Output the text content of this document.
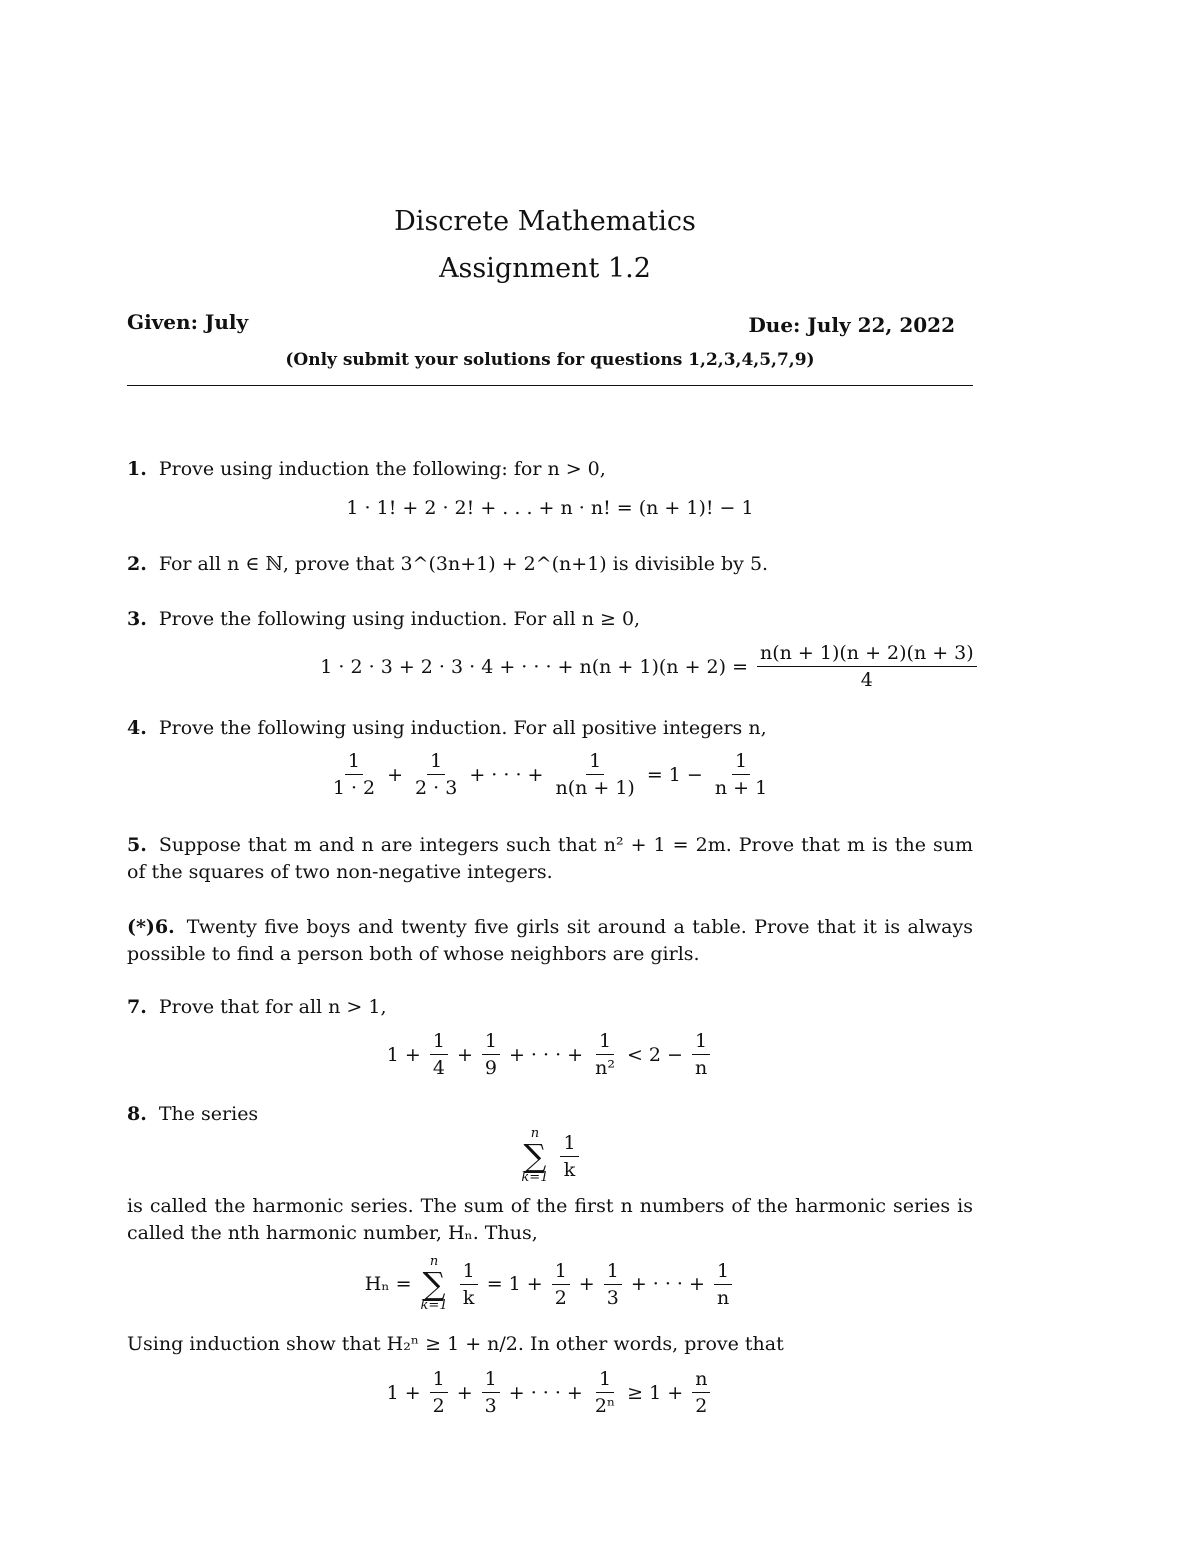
Discrete Mathematics
Assignment 1.2
Given: July	Due: July 22, 2022
(Only submit your solutions for questions 1,2,3,4,5,7,9)
1. Prove using induction the following: for n > 0,
1 · 1! + 2 · 2! + . . . + n · n! = (n + 1)! − 1
2. For all n ∈ ℕ, prove that 3^(3n+1) + 2^(n+1) is divisible by 5.
3. Prove the following using induction. For all n ≥ 0,
1 · 2 · 3 + 2 · 3 · 4 + · · · + $n(n + 1)(n + 2) = \frac{n(n + 1)(n + 2)(n + 3)}{4}$
4. Prove the following using induction. For all positive integers n,
$\frac{1}{1 \cdot 2} + \frac{1}{2 \cdot 3}$ + · · · + $\frac{1}{n(n + 1)} = 1 - \frac{1}{n + 1}$
5. Suppose that m and n are integers such that n² + 1 = 2m. Prove that m is the sum of the squares of two non-negative integers.
(*)6. Twenty five boys and twenty five girls sit around a table. Prove that it is always possible to find a person both of whose neighbors are girls.
7. Prove that for all n > 1,
$1 + \frac{1}{4} + \frac{1}{9}$ + · · · + $\frac{1}{\text{n²}} < 2 - \frac{1}{n}$
8. The series
n
∑
$k=1 \frac{1}{k}$
is called the harmonic series. The sum of the first n numbers of the harmonic series is called the nth harmonic number, Hₙ. Thus,
Hₙ =
n
∑
$k=1 \frac{1}{k} = 1 + \frac{1}{2} + \frac{1}{3}$ + · · · + $\frac{1}{n}$
Using induction show that H₂ⁿ ≥ 1 + n/2. In other words, prove that
$1 + \frac{1}{2} + \frac{1}{3}$ + · · · + $\frac{1}{\text{2ⁿ}} \ge 1 + \frac{n}{2}$
